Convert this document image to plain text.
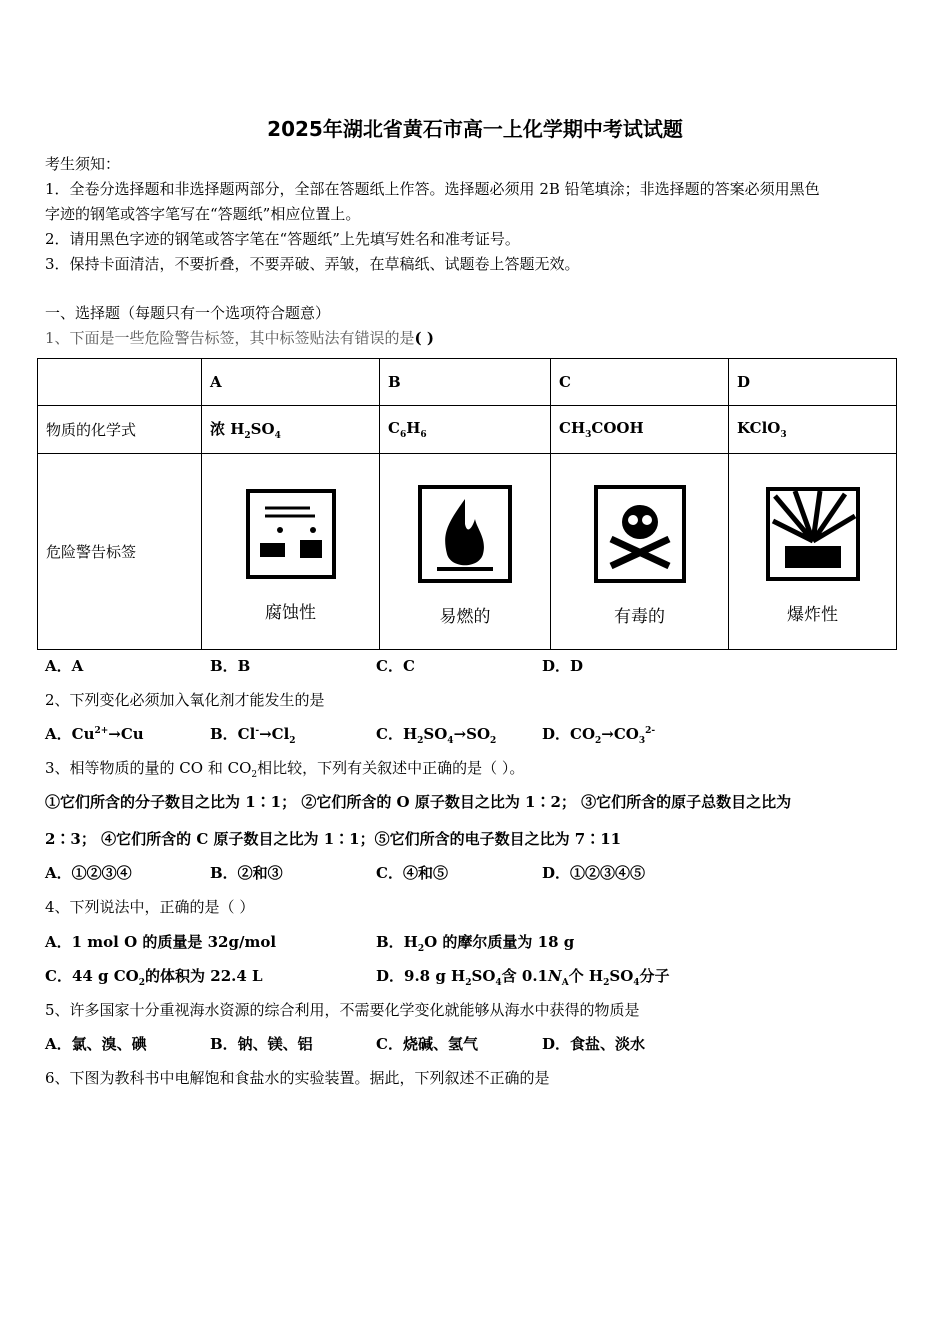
2025年湖北省黄石市高一上化学期中考试试题
考生须知：
1．全卷分选择题和非选择题两部分，全部在答题纸上作答。选择题必须用 2B 铅笔填涂；非选择题的答案必须用黑色
字迹的钢笔或答字笔写在“答题纸”相应位置上。
2．请用黑色字迹的钢笔或答字笔在“答题纸”上先填写姓名和准考证号。
3．保持卡面清洁，不要折叠，不要弄破、弄皱，在草稿纸、试题卷上答题无效。
一、选择题（每题只有一个选项符合题意）
1、下面是一些危险警告标签，其中标签贴法有错误的是( )
	A	B	C	D
物质的化学式	浓 $H_2SO_4$	$C_6H_6$	$CH_3COOH$	KClO$_3$
危险警告标签	腐蚀性	易燃的	有毒的	爆炸性
A．A	B．B	C．C	D．D
2、下列变化必须加入氧化剂才能发生的是
A．$Cu^{2+}\to Cu$	B．$Cl^-\to Cl_2$	C．$H_2SO_4\to SO_2$	D．$CO_2\to CO_3^{2-}$
3、相等物质的量的 CO 和 $CO_2$相比较，下列有关叙述中正确的是（ ）。
①它们所含的分子数目之比为 1∶1； ②它们所含的 O 原子数目之比为 1∶2； ③它们所含的原子总数目之比为
2∶3； ④它们所含的 C 原子数目之比为 1∶1；⑤它们所含的电子数目之比为 7∶11
A．①②③④	B．②和③	C．④和⑤	D．①②③④⑤
4、下列说法中，正确的是（ ）
A．1 mol O 的质量是 32g/mol	B．$H_2O$ 的摩尔质量为 18 g
C．44 g $CO_2$的体积为 22.4 L	D．9.8 g $H_2SO_4$含 $0.1N_A$个 $H_2SO_4$分子
5、许多国家十分重视海水资源的综合利用，不需要化学变化就能够从海水中获得的物质是
A．氯、溴、碘	B．钠、镁、铝	C．烧碱、氢气	D．食盐、淡水
6、下图为教科书中电解饱和食盐水的实验装置。据此，下列叙述不正确的是
